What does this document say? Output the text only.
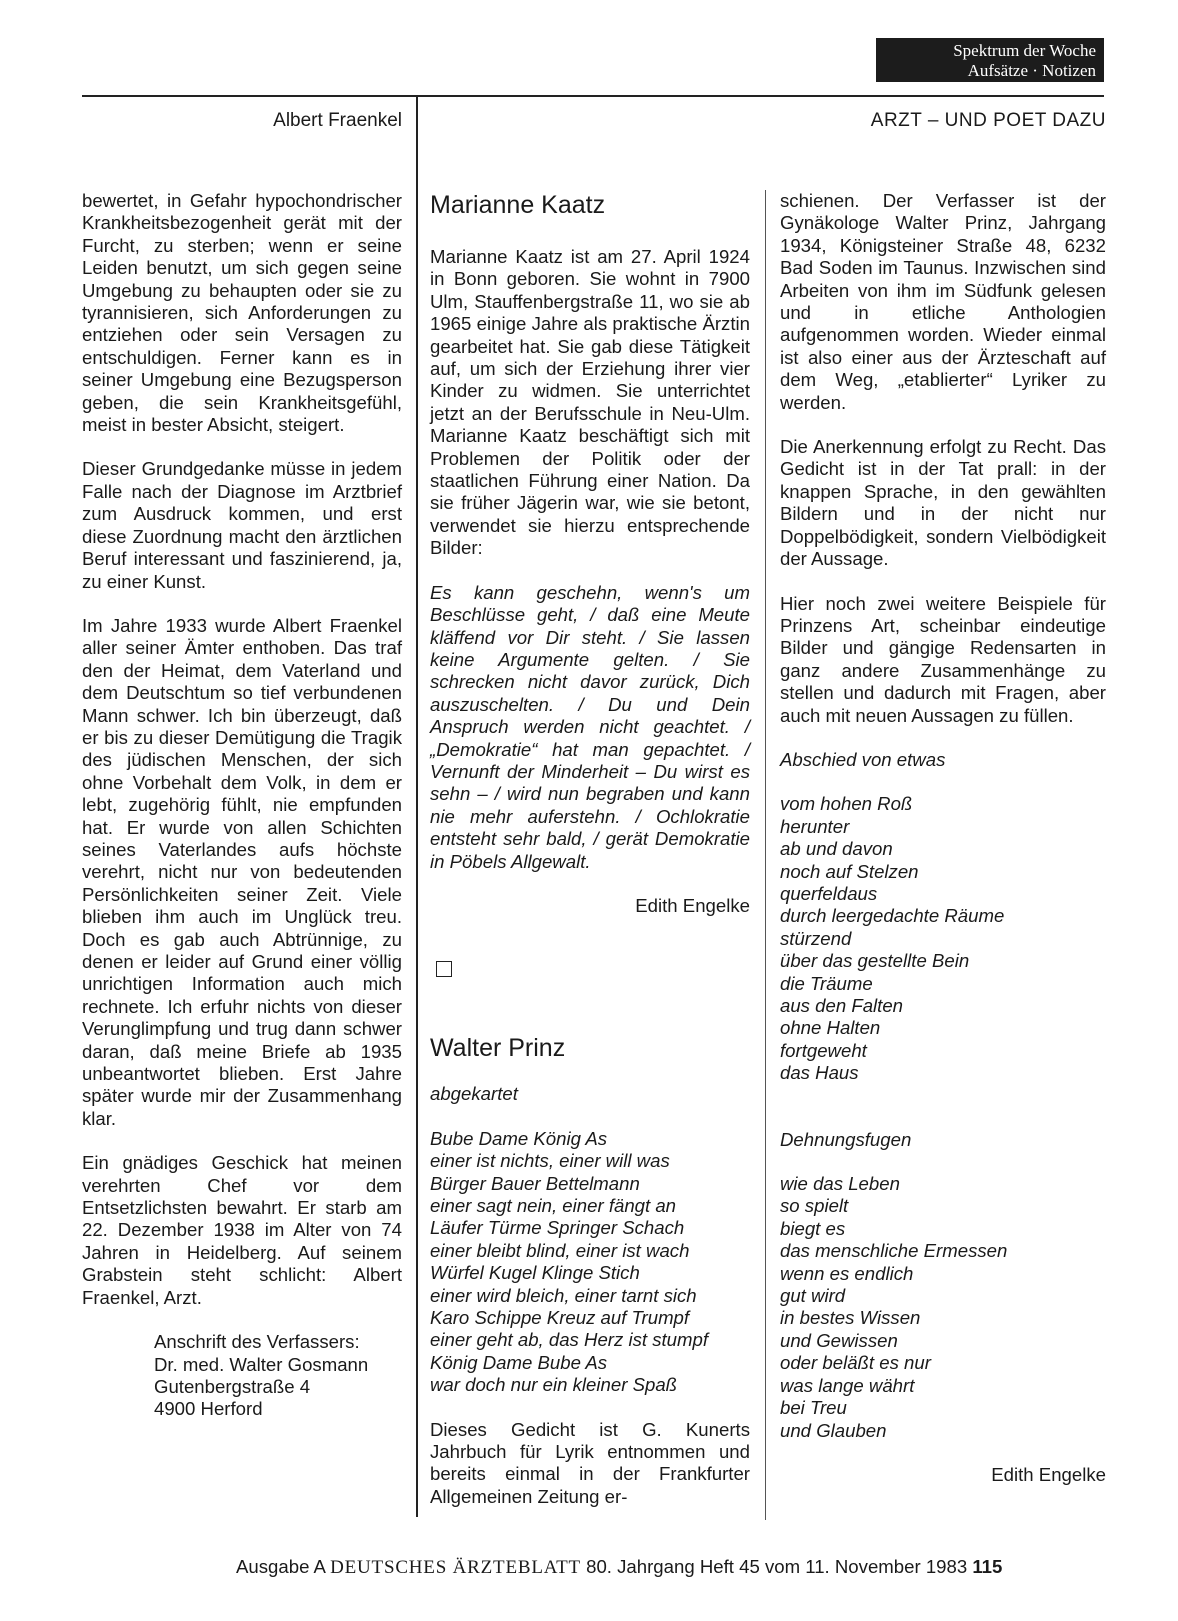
Spektrum der Woche
Aufsätze · Notizen
Albert Fraenkel	ARZT – UND POET DAZU

bewertet, in Gefahr hypochondrischer Krankheitsbezogenheit gerät mit der Furcht, zu sterben; wenn er seine Leiden benutzt, um sich gegen seine Umgebung zu behaupten oder sie zu tyrannisieren, sich Anforderungen zu entziehen oder sein Versagen zu entschuldigen. Ferner kann es in seiner Umgebung eine Bezugsperson geben, die sein Krankheitsgefühl, meist in bester Absicht, steigert.

Dieser Grundgedanke müsse in jedem Falle nach der Diagnose im Arztbrief zum Ausdruck kommen, und erst diese Zuordnung macht den ärztlichen Beruf interessant und faszinierend, ja, zu einer Kunst.

Im Jahre 1933 wurde Albert Fraenkel aller seiner Ämter enthoben. Das traf den der Heimat, dem Vaterland und dem Deutschtum so tief verbundenen Mann schwer. Ich bin überzeugt, daß er bis zu dieser Demütigung die Tragik des jüdischen Menschen, der sich ohne Vorbehalt dem Volk, in dem er lebt, zugehörig fühlt, nie empfunden hat. Er wurde von allen Schichten seines Vaterlandes aufs höchste verehrt, nicht nur von bedeutenden Persönlichkeiten seiner Zeit. Viele blieben ihm auch im Unglück treu. Doch es gab auch Abtrünnige, zu denen er leider auf Grund einer völlig unrichtigen Information auch mich rechnete. Ich erfuhr nichts von dieser Verunglimpfung und trug dann schwer daran, daß meine Briefe ab 1935 unbeantwortet blieben. Erst Jahre später wurde mir der Zusammenhang klar.

Ein gnädiges Geschick hat meinen verehrten Chef vor dem Entsetzlichsten bewahrt. Er starb am 22. Dezember 1938 im Alter von 74 Jahren in Heidelberg. Auf seinem Grabstein steht schlicht: Albert Fraenkel, Arzt.

Anschrift des Verfassers:
Dr. med. Walter Gosmann
Gutenbergstraße 4
4900 Herford
Marianne Kaatz

Marianne Kaatz ist am 27. April 1924 in Bonn geboren. Sie wohnt in 7900 Ulm, Stauffenbergstraße 11, wo sie ab 1965 einige Jahre als praktische Ärztin gearbeitet hat. Sie gab diese Tätigkeit auf, um sich der Erziehung ihrer vier Kinder zu widmen. Sie unterrichtet jetzt an der Berufsschule in Neu-Ulm. Marianne Kaatz beschäftigt sich mit Problemen der Politik oder der staatlichen Führung einer Nation. Da sie früher Jägerin war, wie sie betont, verwendet sie hierzu entsprechende Bilder:

Es kann geschehn, wenn's um Beschlüsse geht, / daß eine Meute kläffend vor Dir steht. / Sie lassen keine Argumente gelten. / Sie schrecken nicht davor zurück, Dich auszuschelten. / Du und Dein Anspruch werden nicht geachtet. / „Demokratie“ hat man gepachtet. / Vernunft der Minderheit – Du wirst es sehn – / wird nun begraben und kann nie mehr auferstehn. / Ochlokratie entsteht sehr bald, / gerät Demokratie in Pöbels Allgewalt.

Edith Engelke
Walter Prinz
abgekartet
Bube Dame König As
einer ist nichts, einer will was
Bürger Bauer Bettelmann
einer sagt nein, einer fängt an
Läufer Türme Springer Schach
einer bleibt blind, einer ist wach
Würfel Kugel Klinge Stich
einer wird bleich, einer tarnt sich
Karo Schippe Kreuz auf Trumpf
einer geht ab, das Herz ist stumpf
König Dame Bube As
war doch nur ein kleiner Spaß

Dieses Gedicht ist G. Kunerts Jahrbuch für Lyrik entnommen und bereits einmal in der Frankfurter Allgemeinen Zeitung er-

schienen. Der Verfasser ist der Gynäkologe Walter Prinz, Jahrgang 1934, Königsteiner Straße 48, 6232 Bad Soden im Taunus. Inzwischen sind Arbeiten von ihm im Südfunk gelesen und in etliche Anthologien aufgenommen worden. Wieder einmal ist also einer aus der Ärzteschaft auf dem Weg, „etablierter“ Lyriker zu werden.

Die Anerkennung erfolgt zu Recht. Das Gedicht ist in der Tat prall: in der knappen Sprache, in den gewählten Bildern und in der nicht nur Doppelbödigkeit, sondern Vielbödigkeit der Aussage.

Hier noch zwei weitere Beispiele für Prinzens Art, scheinbar eindeutige Bilder und gängige Redensarten in ganz andere Zusammenhänge zu stellen und dadurch mit Fragen, aber auch mit neuen Aussagen zu füllen.

Abschied von etwas
vom hohen Roß
herunter
ab und davon
noch auf Stelzen
querfeldaus
durch leergedachte Räume
stürzend
über das gestellte Bein
die Träume
aus den Falten
ohne Halten
fortgeweht
das Haus
Dehnungsfugen
wie das Leben
so spielt
biegt es
das menschliche Ermessen
wenn es endlich
gut wird
in bestes Wissen
und Gewissen
oder beläßt es nur
was lange währt
bei Treu
und Glauben
Edith Engelke
Ausgabe A DEUTSCHES ÄRZTEBLATT 80. Jahrgang Heft 45 vom 11. November 1983 115
